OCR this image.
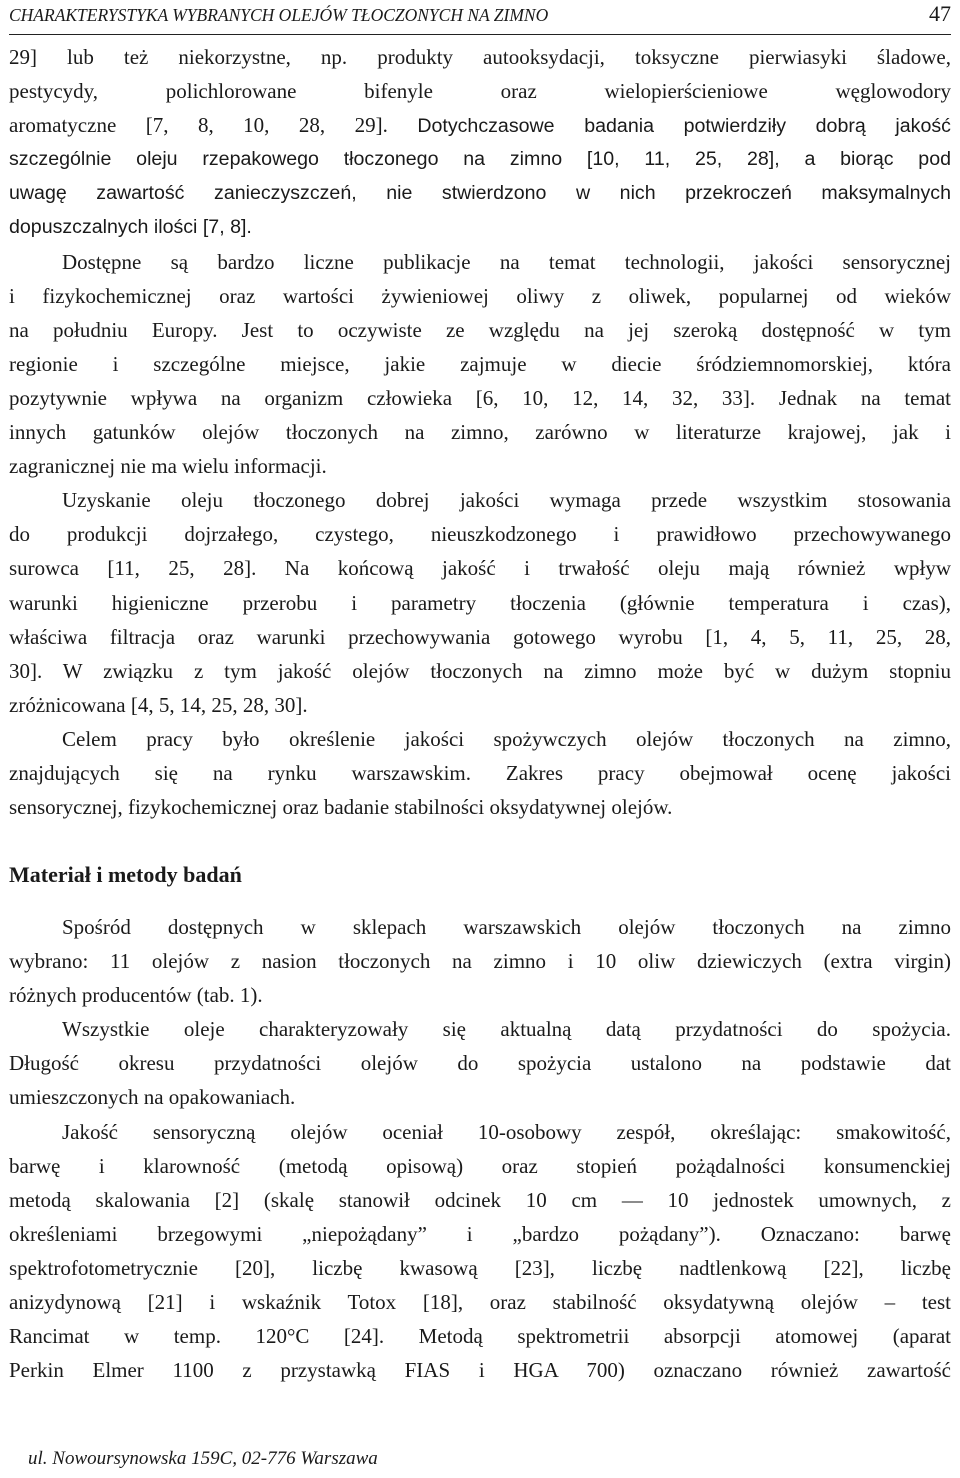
CHARAKTERYSTYKA WYBRANYCH OLEJÓW TŁOCZONYCH NA ZIMNO	47
29] lub też niekorzystne, np. produkty autooksydacji, toksyczne pierwiasyki śladowe,
pestycydy, polichlorowane bifenyle oraz wielopierścieniowe węglowodory
aromatyczne [7, 8, 10, 28, 29]. Dotychczasowe badania potwierdziły dobrą jakość
szczególnie oleju rzepakowego tłoczonego na zimno [10, 11, 25, 28], a biorąc pod
uwagę zawartość zanieczyszczeń, nie stwierdzono w nich przekroczeń maksymalnych
dopuszczalnych ilości [7, 8].
Dostępne są bardzo liczne publikacje na temat technologii, jakości sensorycznej
i fizykochemicznej oraz wartości żywieniowej oliwy z oliwek, popularnej od wieków
na południu Europy. Jest to oczywiste ze względu na jej szeroką dostępność w tym
regionie i szczególne miejsce, jakie zajmuje w diecie śródziemnomorskiej, która
pozytywnie wpływa na organizm człowieka [6, 10, 12, 14, 32, 33]. Jednak na temat
innych gatunków olejów tłoczonych na zimno, zarówno w literaturze krajowej, jak i
zagranicznej nie ma wielu informacji.
Uzyskanie oleju tłoczonego dobrej jakości wymaga przede wszystkim stosowania
do produkcji dojrzałego, czystego, nieuszkodzonego i prawidłowo przechowywanego
surowca [11, 25, 28]. Na końcową jakość i trwałość oleju mają również wpływ
warunki higieniczne przerobu i parametry tłoczenia (głównie temperatura i czas),
właściwa filtracja oraz warunki przechowywania gotowego wyrobu [1, 4, 5, 11, 25, 28,
30]. W związku z tym jakość olejów tłoczonych na zimno może być w dużym stopniu
zróżnicowana [4, 5, 14, 25, 28, 30].
Celem pracy było określenie jakości spożywczych olejów tłoczonych na zimno,
znajdujących się na rynku warszawskim. Zakres pracy obejmował ocenę jakości
sensorycznej, fizykochemicznej oraz badanie stabilności oksydatywnej olejów.
Materiał i metody badań
Spośród dostępnych w sklepach warszawskich olejów tłoczonych na zimno
wybrano: 11 olejów z nasion tłoczonych na zimno i 10 oliw dziewiczych (extra virgin)
różnych producentów (tab. 1).
Wszystkie oleje charakteryzowały się aktualną datą przydatności do spożycia.
Długość okresu przydatności olejów do spożycia ustalono na podstawie dat
umieszczonych na opakowaniach.
Jakość sensoryczną olejów oceniał 10-osobowy zespół, określając: smakowitość,
barwę i klarowność (metodą opisową) oraz stopień pożądalności konsumenckiej
metodą skalowania [2] (skalę stanowił odcinek 10 cm — 10 jednostek umownych, z
określeniami brzegowymi „niepożądany” i „bardzo pożądany”). Oznaczano: barwę
spektrofotometrycznie [20], liczbę kwasową [23], liczbę nadtlenkową [22], liczbę
anizydynową [21] i wskaźnik Totox [18], oraz stabilność oksydatywną olejów – test
Rancimat w temp. 120°C [24]. Metodą spektrometrii absorpcji atomowej (aparat
Perkin Elmer 1100 z przystawką FIAS i HGA 700) oznaczano również zawartość
ul. Nowoursynowska 159C, 02-776 Warszawa
